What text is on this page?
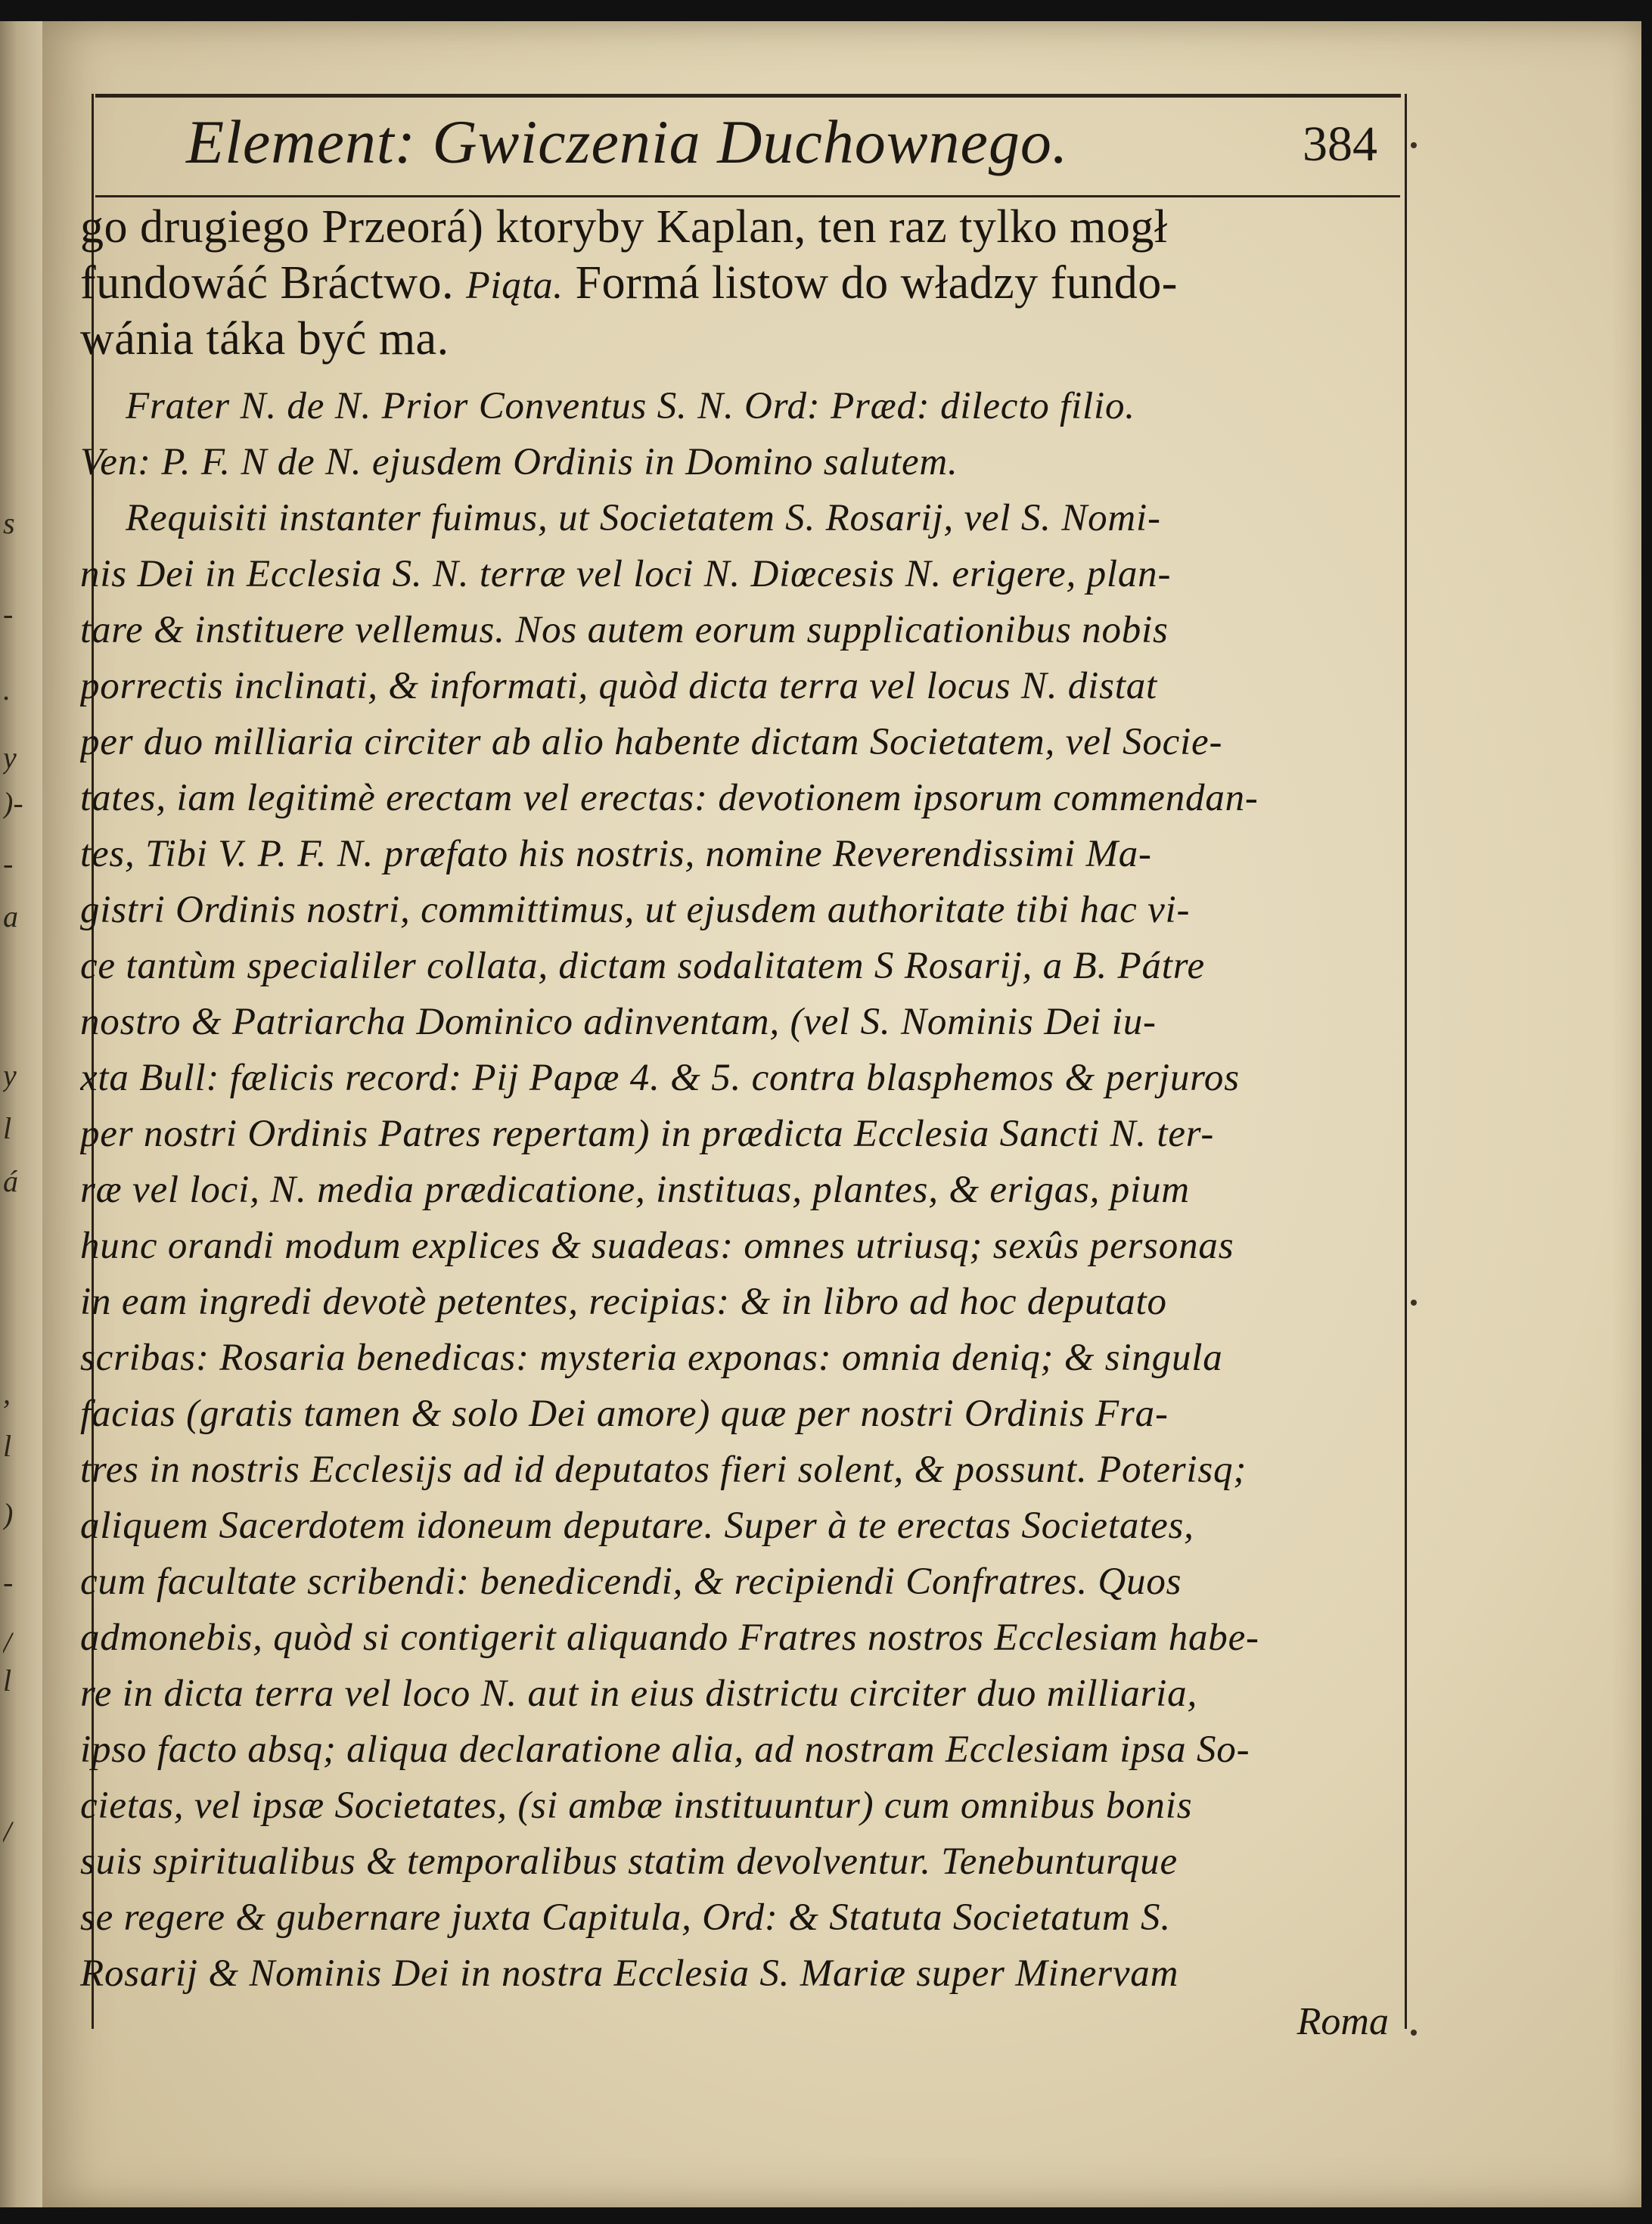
s
-
.
y
)-
-
a
y
l
á
,
l
)
-
/
l
/
Element: Gwiczenia Duchownego.	384
go drugiego Przeorá) ktoryby Kaplan, ten raz tylko mogł
fundowáć Bráctwo. Piąta. Formá listow do władzy fundo-
wánia táka być ma.
Frater N. de N. Prior Conventus S. N. Ord: Præd: dilecto filio.
Ven: P. F. N de N. ejusdem Ordinis in Domino salutem.
Requisiti instanter fuimus, ut Societatem S. Rosarij, vel S. Nomi-
nis Dei in Ecclesia S. N. terræ vel loci N. Diœcesis N. erigere, plan-
tare & instituere vellemus. Nos autem eorum supplicationibus nobis
porrectis inclinati, & informati, quòd dicta terra vel locus N. distat
per duo milliaria circiter ab alio habente dictam Societatem, vel Socie-
tates, iam legitimè erectam vel erectas: devotionem ipsorum commendan-
tes, Tibi V. P. F. N. præfato his nostris, nomine Reverendissimi Ma-
gistri Ordinis nostri, committimus, ut ejusdem authoritate tibi hac vi-
ce tantùm specialiler collata, dictam sodalitatem S Rosarij, a B. Pátre
nostro & Patriarcha Dominico adinventam, (vel S. Nominis Dei iu-
xta Bull: fælicis record: Pij Papæ 4. & 5. contra blasphemos & perjuros
per nostri Ordinis Patres repertam) in prædicta Ecclesia Sancti N. ter-
ræ vel loci, N. media prædicatione, instituas, plantes, & erigas, pium
hunc orandi modum explices & suadeas: omnes utriusq; sexûs personas
in eam ingredi devotè petentes, recipias: & in libro ad hoc deputato
scribas: Rosaria benedicas: mysteria exponas: omnia deniq; & singula
facias (gratis tamen & solo Dei amore) quæ per nostri Ordinis Fra-
tres in nostris Ecclesijs ad id deputatos fieri solent, & possunt. Poterisq;
aliquem Sacerdotem idoneum deputare. Super à te erectas Societates,
cum facultate scribendi: benedicendi, & recipiendi Confratres. Quos
admonebis, quòd si contigerit aliquando Fratres nostros Ecclesiam habe-
re in dicta terra vel loco N. aut in eius districtu circiter duo milliaria,
ipso facto absq; aliqua declaratione alia, ad nostram Ecclesiam ipsa So-
cietas, vel ipsæ Societates, (si ambæ instituuntur) cum omnibus bonis
suis spiritualibus & temporalibus statim devolventur. Tenebunturque
se regere & gubernare juxta Capitula, Ord: & Statuta Societatum S.
Rosarij & Nominis Dei in nostra Ecclesia S. Mariæ super Minervam
Roma
